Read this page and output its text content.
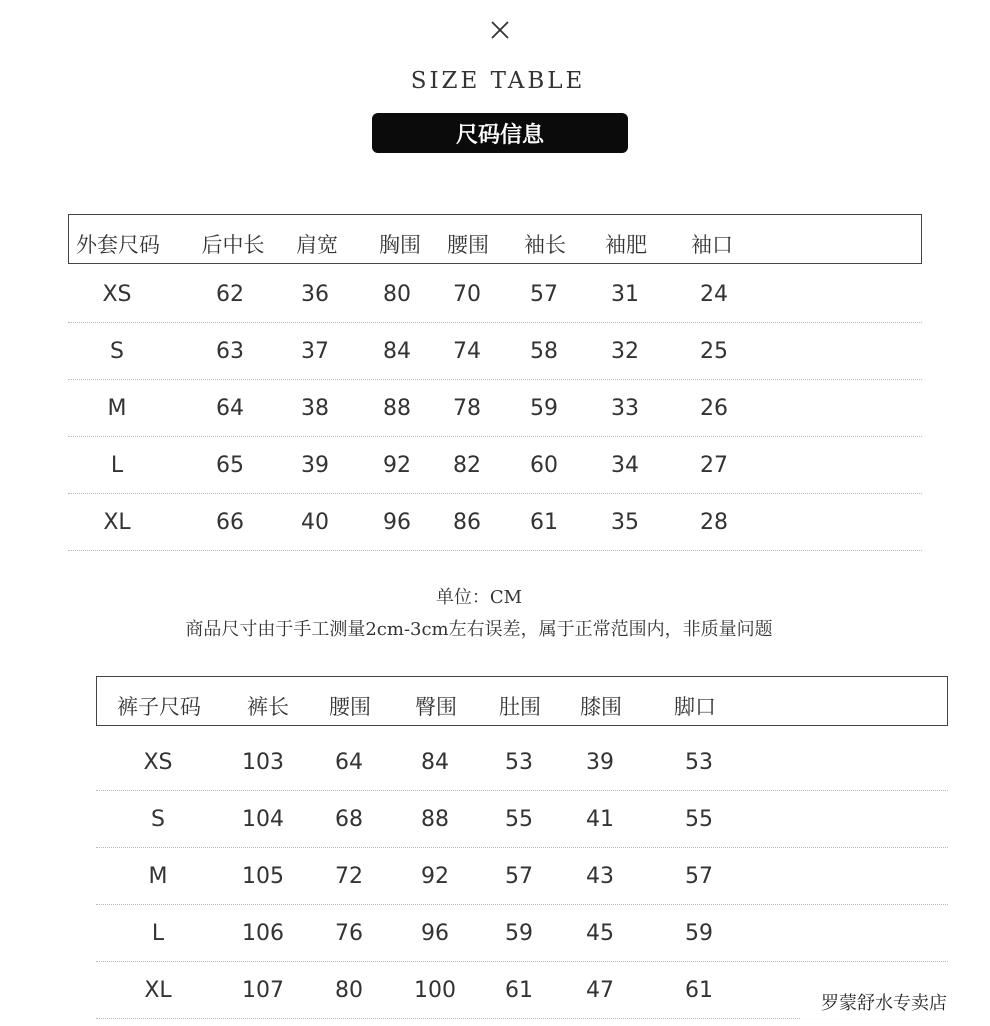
SIZE TABLE
尺码信息
外套尺码 后中长 肩宽 胸围 腰围 袖长 袖肥 袖口
XS	62	36 80 70 57 31	24
S	63	37 84 74 58 32	25
M	64	38 88 78 59 33	26
L	65	39 92 82 60 34	27
XL	66	40 96 86 61 35	28
单位：CM
商品尺寸由于手工测量2cm-3cm左右误差，属于正常范围内，非质量问题
裤子尺码 裤长 腰围 臀围 肚围 膝围 脚口
XS	103 64	84	53 39	53
S	104 68	88	55 41	55
M	105 72	92	57 43	57
L	106 76	96	59 45	59
XL	107 80 100 61 47	61
罗蒙舒水专卖店
